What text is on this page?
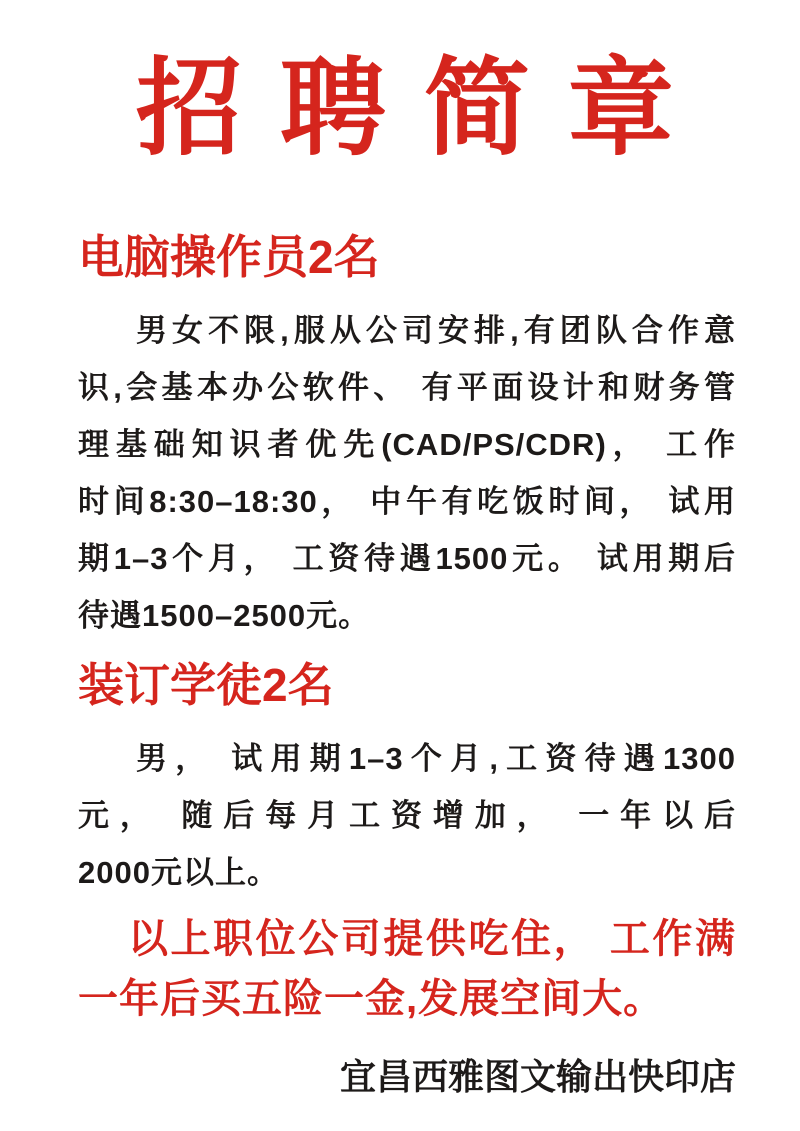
招 聘 简 章
电脑操作员2名
男女不限,服从公司安排,有团队合作意
识,会基本办公软件、 有平面设计和财务管
理基础知识者优先(CAD/PS/CDR)， 工作
时间8:30–18:30， 中午有吃饭时间， 试用
期1–3个月， 工资待遇1500元。 试用期后
待遇1500–2500元。
装订学徒2名
男， 试用期1–3个月,工资待遇1300
元， 随后每月工资增加， 一年以后
2000元以上。
以上职位公司提供吃住， 工作满
一年后买五险一金,发展空间大。
宜昌西雅图文输出快印店
